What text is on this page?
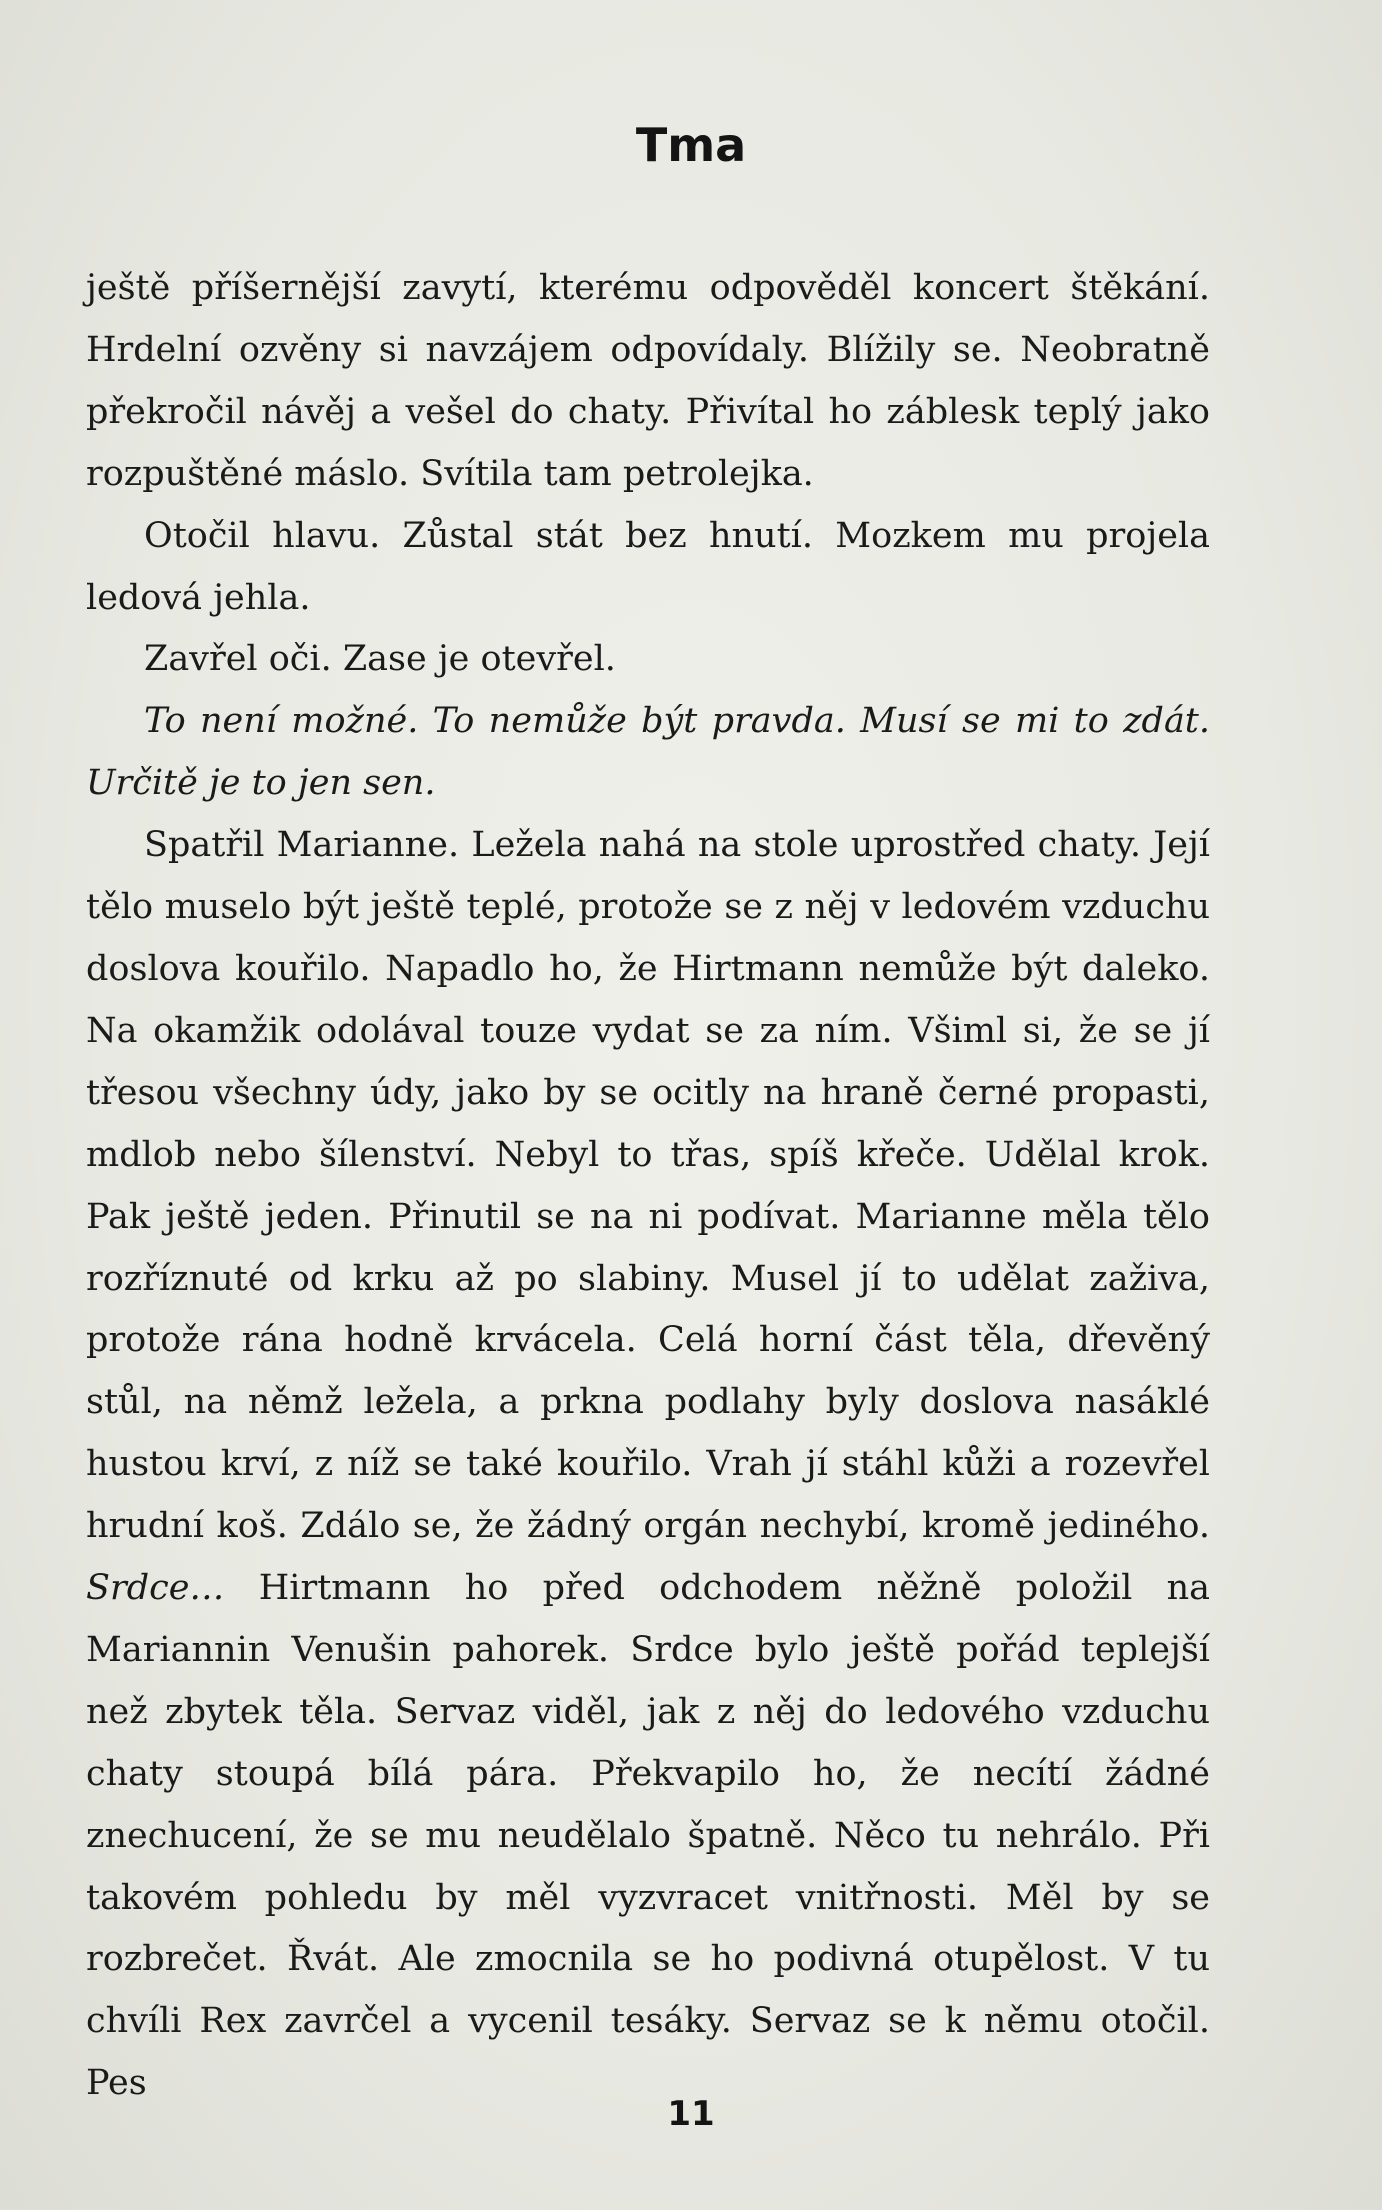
Tma

ještě příšernější zavytí, kterému odpověděl koncert štěkání. Hrdelní ozvěny si navzájem odpovídaly. Blížily se. Neobratně překročil návěj a vešel do chaty. Přivítal ho záblesk teplý jako rozpuštěné máslo. Svítila tam petrolejka.

Otočil hlavu. Zůstal stát bez hnutí. Mozkem mu projela ledová jehla.

Zavřel oči. Zase je otevřel.

To není možné. To nemůže být pravda. Musí se mi to zdát. Určitě je to jen sen.

Spatřil Marianne. Ležela nahá na stole uprostřed chaty. Její tělo muselo být ještě teplé, protože se z něj v ledovém vzduchu doslova kouřilo. Napadlo ho, že Hirtmann nemůže být daleko. Na okamžik odolával touze vydat se za ním. Všiml si, že se jí třesou všechny údy, jako by se ocitly na hraně černé propasti, mdlob nebo šílenství. Nebyl to třas, spíš křeče. Udělal krok. Pak ještě jeden. Přinutil se na ni podívat. Marianne měla tělo rozříznuté od krku až po slabiny. Musel jí to udělat zaživa, protože rána hodně krvácela. Celá horní část těla, dřevěný stůl, na němž ležela, a prkna podlahy byly doslova nasáklé hustou krví, z níž se také kouřilo. Vrah jí stáhl kůži a rozevřel hrudní koš. Zdálo se, že žádný orgán nechybí, kromě jediného. Srdce… Hirtmann ho před odchodem něžně položil na Mariannin Venušin pahorek. Srdce bylo ještě pořád teplejší než zbytek těla. Servaz viděl, jak z něj do ledového vzduchu chaty stoupá bílá pára. Překvapilo ho, že necítí žádné znechucení, že se mu neudělalo špatně. Něco tu nehrálo. Při takovém pohledu by měl vyzvracet vnitřnosti. Měl by se rozbrečet. Řvát. Ale zmocnila se ho podivná otupělost. V tu chvíli Rex zavrčel a vycenil tesáky. Servaz se k němu otočil. Pes

11
